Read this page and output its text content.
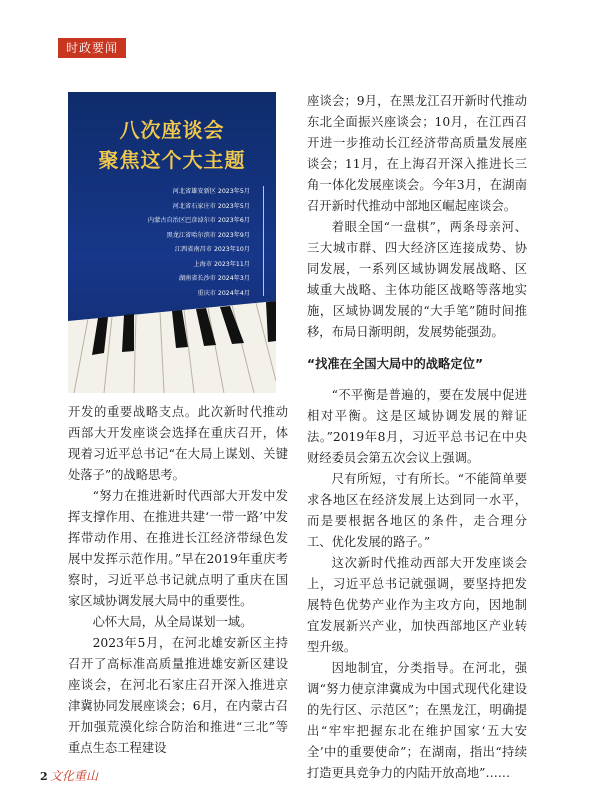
时政要闻
八次座谈会
聚焦这个大主题
河北省雄安新区 2023年5月
河北省石家庄市 2023年5月
内蒙古自治区巴彦淖尔市 2023年6月
黑龙江省哈尔滨市 2023年9月
江西省南昌市 2023年10月
上海市 2023年11月
湖南省长沙市 2024年3月
重庆市 2024年4月

开发的重要战略支点。此次新时代推动西部大开发座谈会选择在重庆召开，体现着习近平总书记“在大局上谋划、关键处落子”的战略思考。

“努力在推进新时代西部大开发中发挥支撑作用、在推进共建‘一带一路’中发挥带动作用、在推进长江经济带绿色发展中发挥示范作用。”早在2019年重庆考察时，习近平总书记就点明了重庆在国家区域协调发展大局中的重要性。

心怀大局，从全局谋划一域。

2023年5月，在河北雄安新区主持召开了高标准高质量推进雄安新区建设座谈会，在河北石家庄召开深入推进京津冀协同发展座谈会；6月，在内蒙古召开加强荒漠化综合防治和推进“三北”等重点生态工程建设

座谈会；9月，在黑龙江召开新时代推动东北全面振兴座谈会；10月，在江西召开进一步推动长江经济带高质量发展座谈会；11月，在上海召开深入推进长三角一体化发展座谈会。今年3月，在湖南召开新时代推动中部地区崛起座谈会。

着眼全国“一盘棋”，两条母亲河、三大城市群、四大经济区连接成势、协同发展，一系列区域协调发展战略、区域重大战略、主体功能区战略等落地实施，区域协调发展的“大手笔”随时间推移，布局日渐明朗，发展势能强劲。

“找准在全国大局中的战略定位”

“不平衡是普遍的，要在发展中促进相对平衡。这是区域协调发展的辩证法。”2019年8月，习近平总书记在中央财经委员会第五次会议上强调。

尺有所短，寸有所长。“不能简单要求各地区在经济发展上达到同一水平，而是要根据各地区的条件，走合理分工、优化发展的路子。”

这次新时代推动西部大开发座谈会上，习近平总书记就强调，要坚持把发展特色优势产业作为主攻方向，因地制宜发展新兴产业，加快西部地区产业转型升级。

因地制宜，分类指导。在河北，强调“努力使京津冀成为中国式现代化建设的先行区、示范区”；在黑龙江，明确提出“牢牢把握东北在维护国家‘五大安全’中的重要使命”；在湖南，指出“持续打造更具竞争力的内陆开放高地”……

2 文化重山
